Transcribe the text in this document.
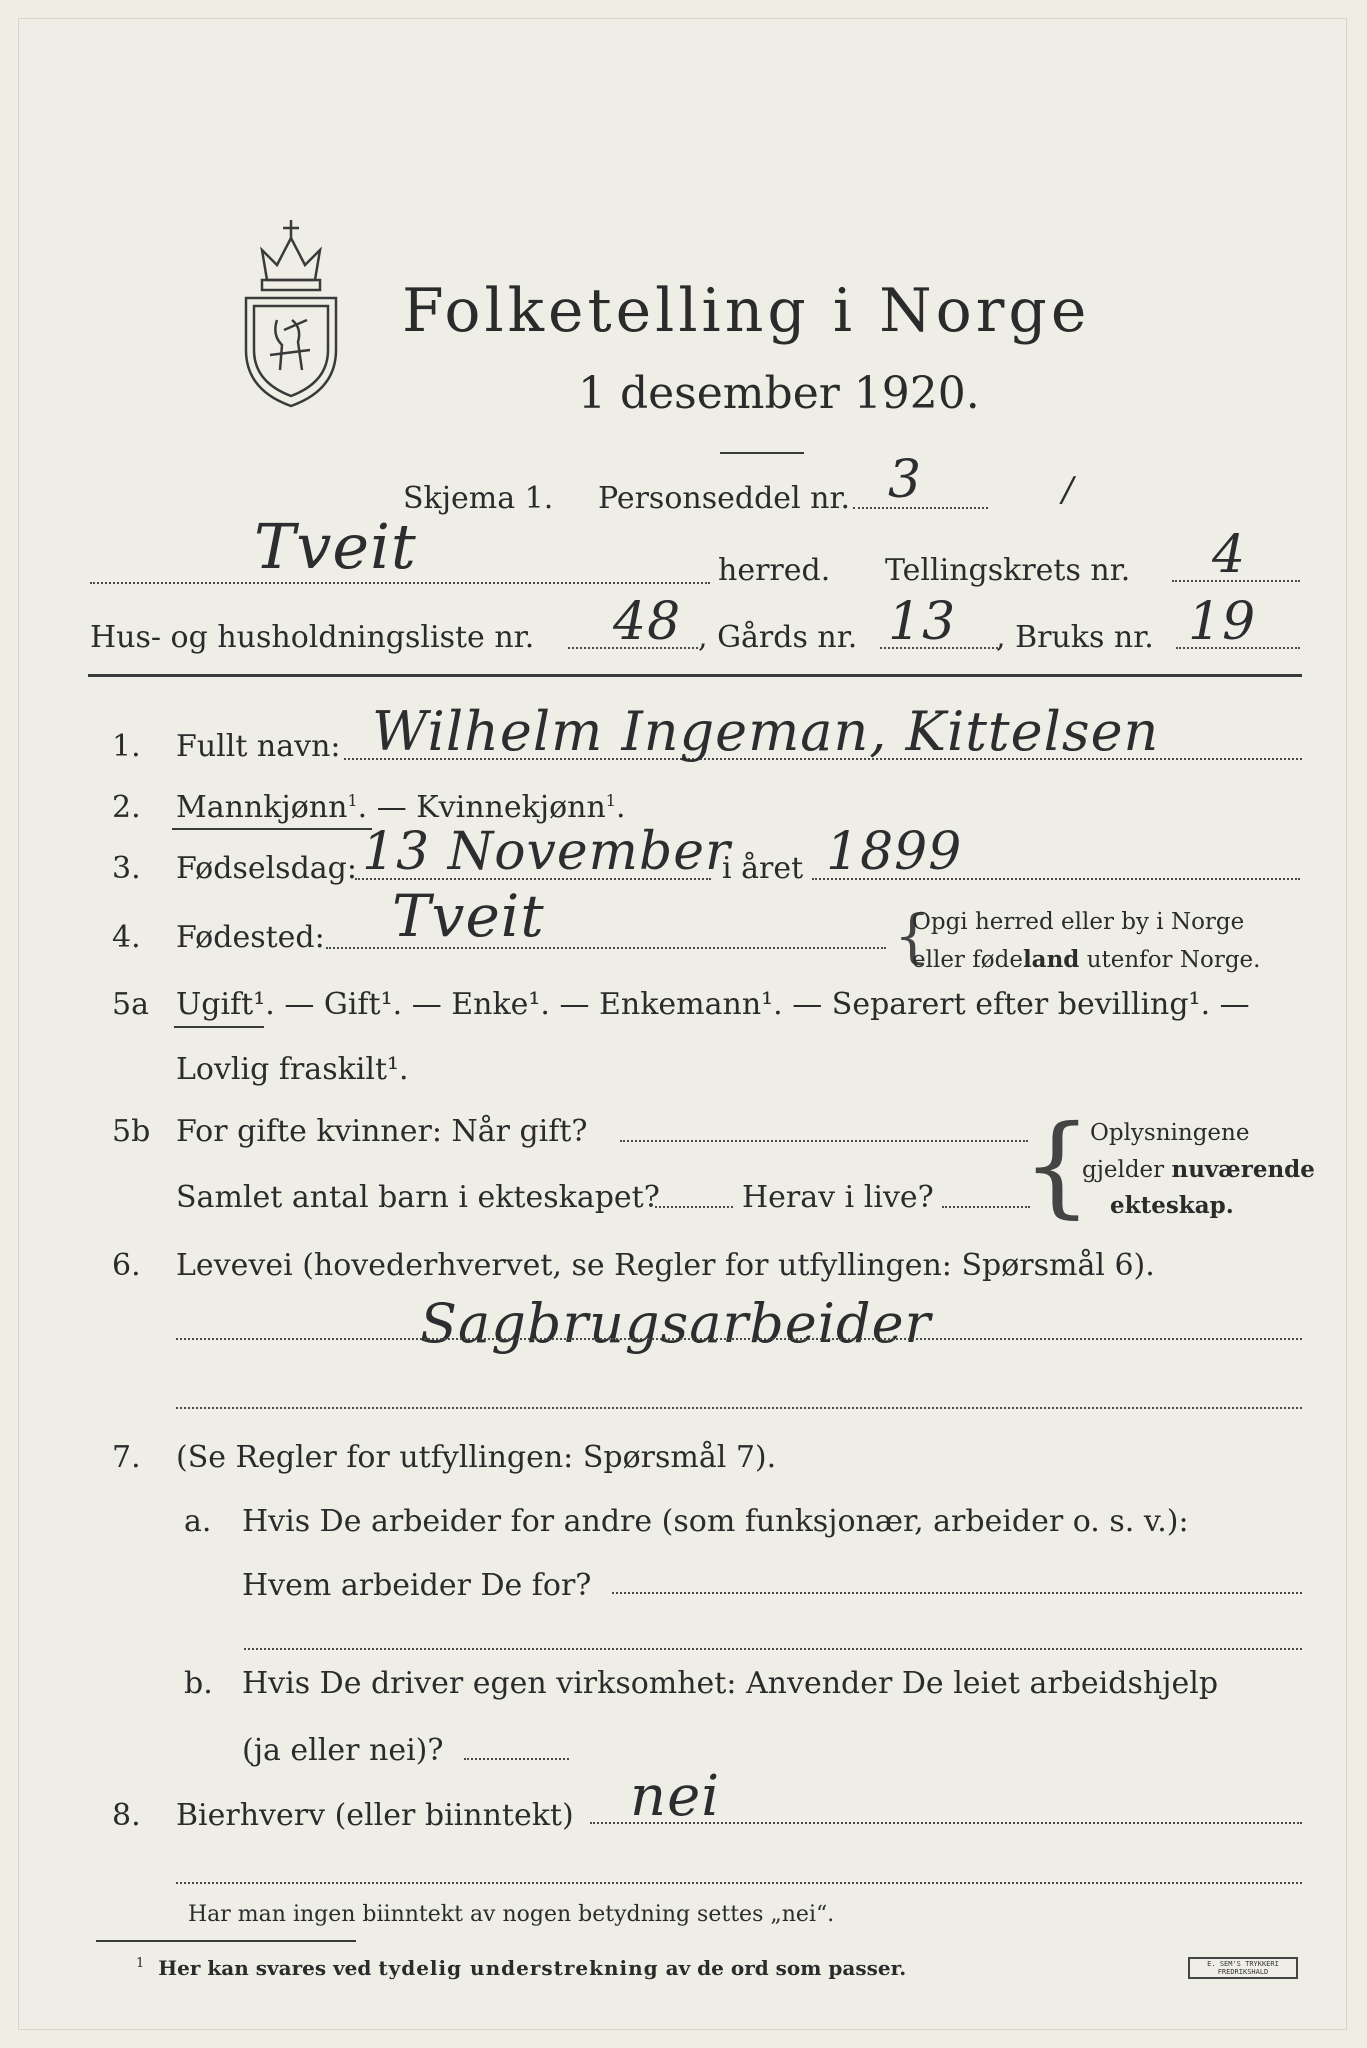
Folketelling i Norge
1 desember 1920.
Skjema 1. Personseddel nr. 3	/
Tveit	herred. Tellingskrets nr. 4
Hus- og husholdningsliste nr. 48 , Gårds nr. 13 , Bruks nr. 19
1. Fullt navn: Wilhelm Ingeman, Kittelsen
2. Mannkjønn$^1$. — Kvinnekjønn$^1$.
3. Fødselsdag: 13 November
i året 1899
4. Fødested: Tveit	{
Opgi herred eller by i Norge
eller fødeland utenfor Norge.
5a Ugift¹. — Gift¹. — Enke¹. — Enkemann¹. — Separert efter bevilling¹. —
Lovlig fraskilt¹.
5b For gifte kvinner: Når gift?
Samlet antal barn i ekteskapet?	Herav i live? {
Oplysningene
gjelder nuværende
ekteskap.
6. Levevei (hovederhvervet, se Regler for utfyllingen: Spørsmål 6).
Sagbrugsarbeider
7. (Se Regler for utfyllingen: Spørsmål 7).
a. Hvis De arbeider for andre (som funksjonær, arbeider o. s. v.):
Hvem arbeider De for?
b. Hvis De driver egen virksomhet: Anvender De leiet arbeidshjelp
(ja eller nei)?
8. Bierhverv (eller biinntekt) nei
Har man ingen biinntekt av nogen betydning settes „nei“.
$^1$ Her kan svares ved tydelig understrekning av de ord som passer.	E. SEM'S TRYKKERI FREDRIKSHALD
